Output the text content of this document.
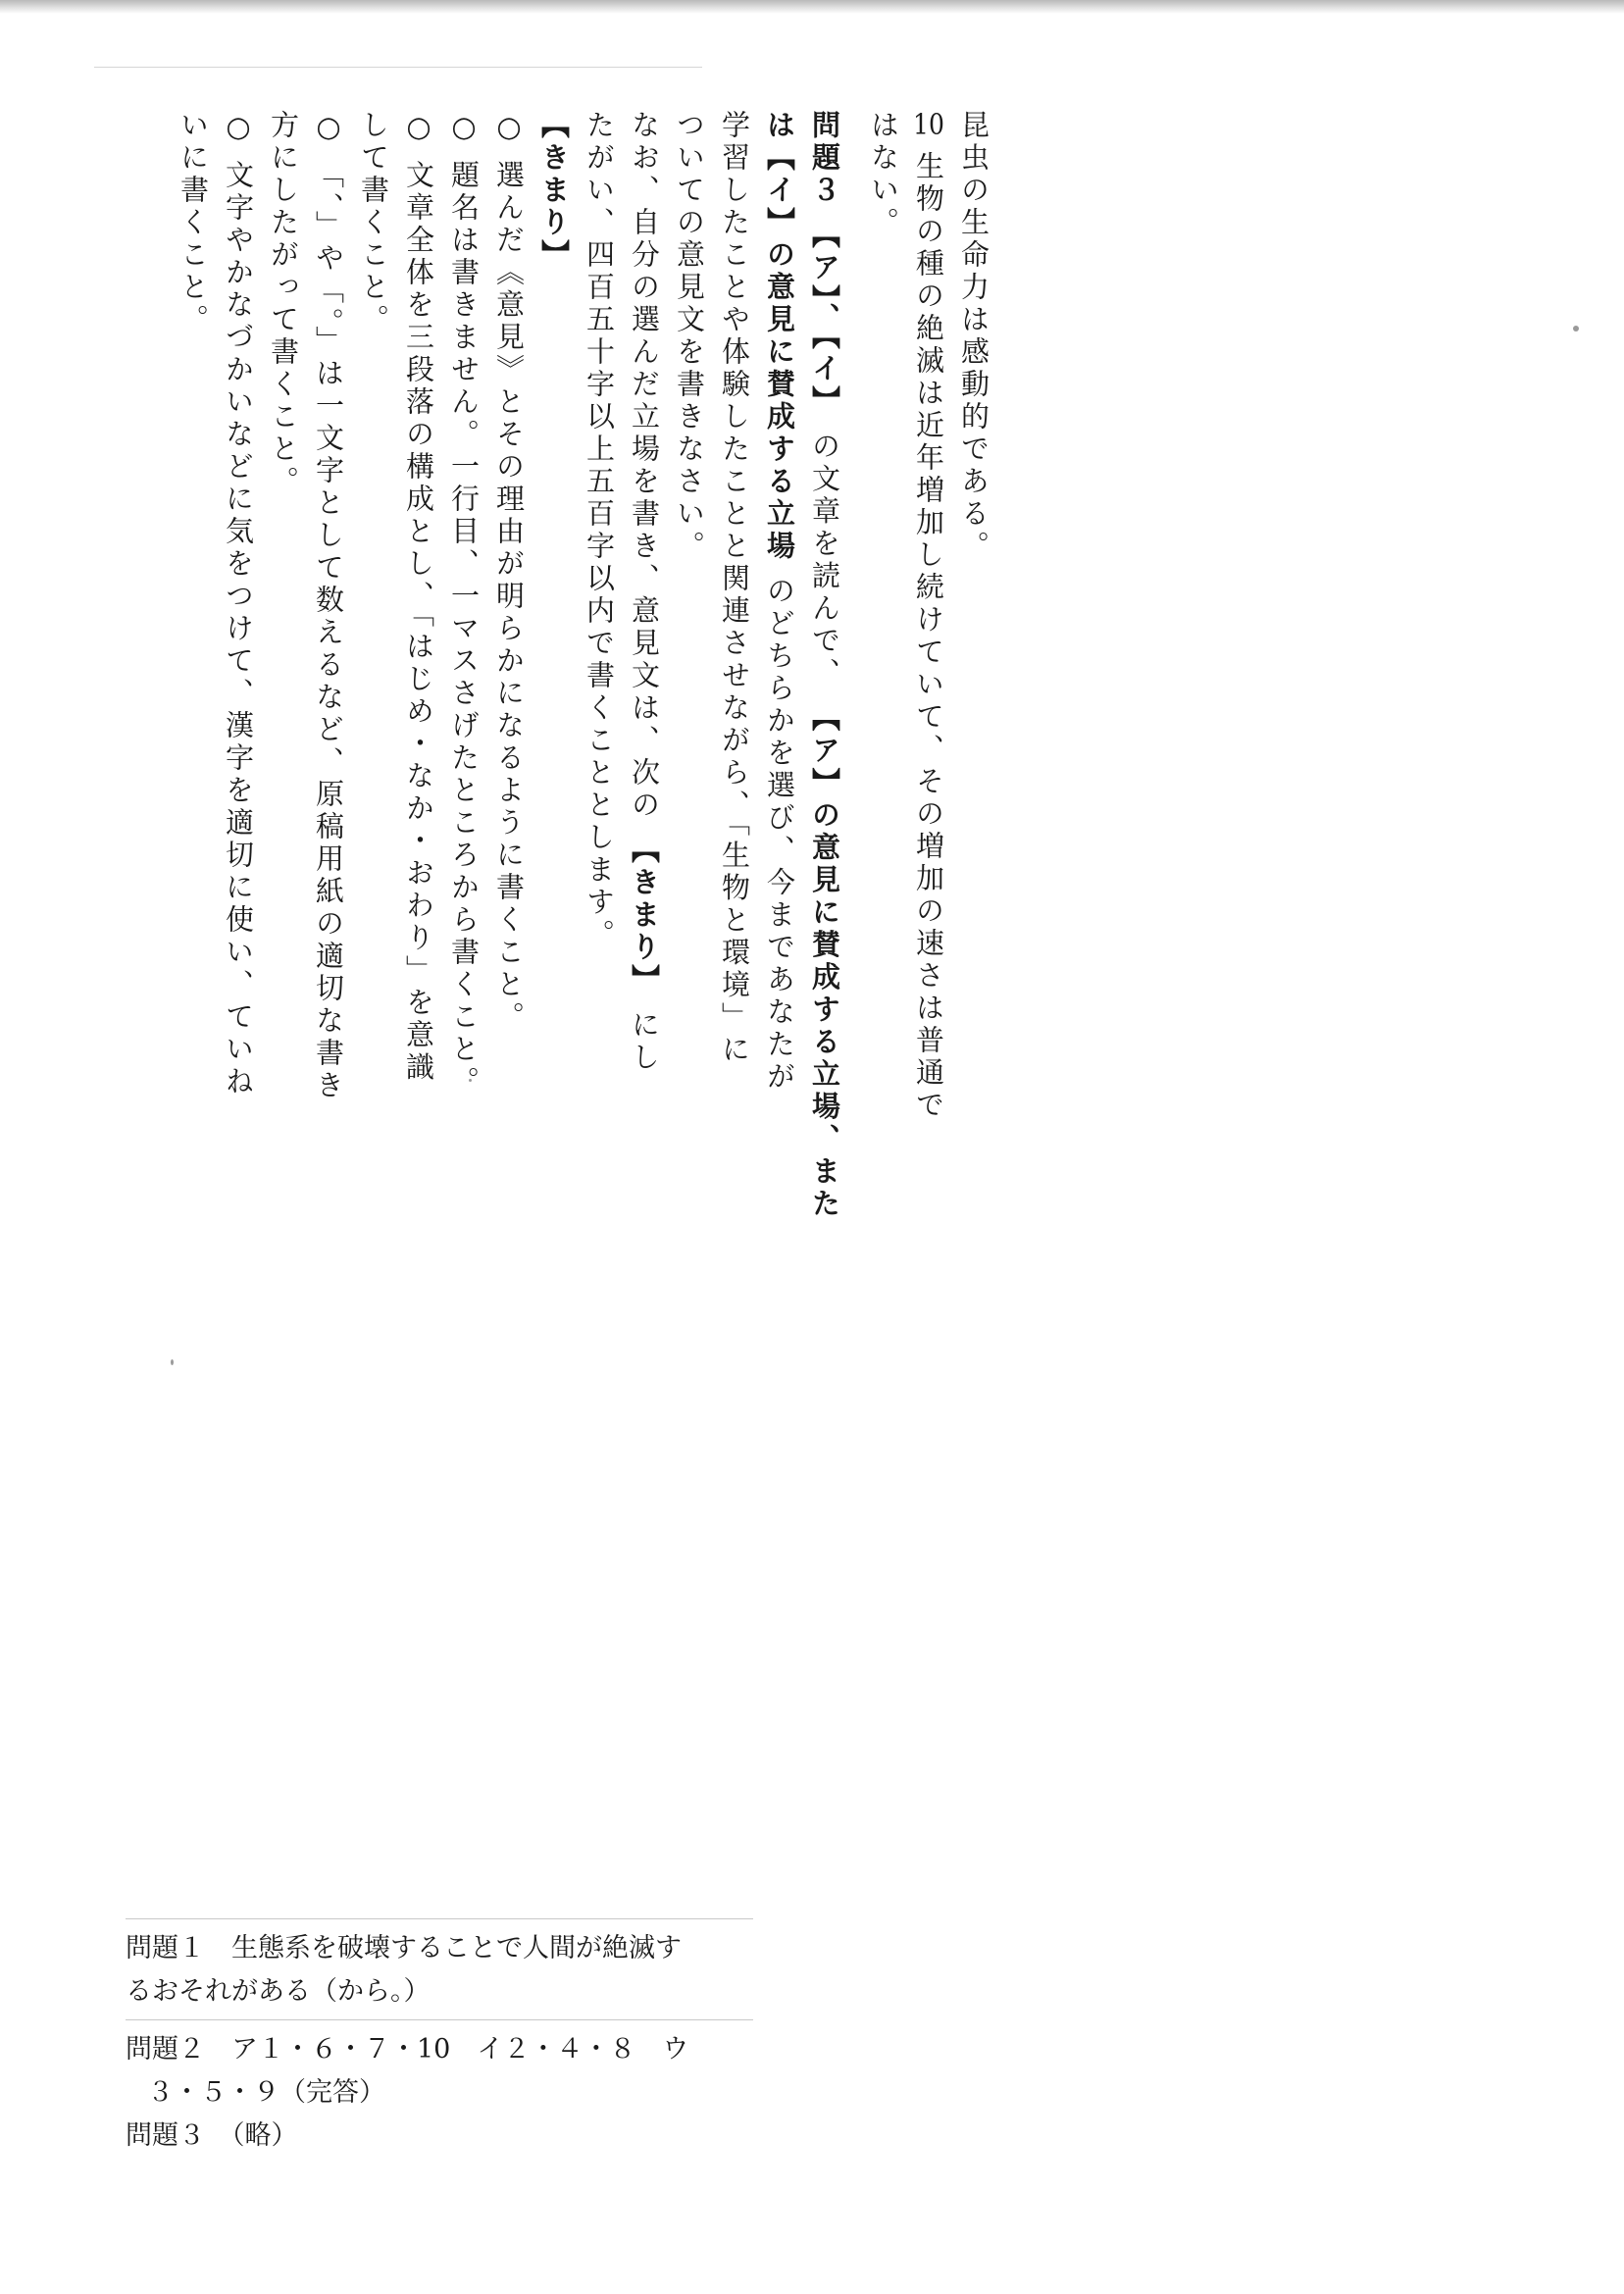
昆虫の生命力は感動的である。
10 生物の種の絶滅は近年増加し続けていて、その増加の速さは普通で
はない。
問題３ 【ア】、【イ】 の文章を読んで、 【ア】の意見に賛成する立場、また
は【イ】の意見に賛成する立場 のどちらかを選び、今まであなたが
学習したことや体験したことと関連させながら、「生物と環境」に
ついての意見文を書きなさい。
なお、自分の選んだ立場を書き、意見文は、次の 【きまり】 にし
たがい、四百五十字以上五百字以内で書くこととします。
【きまり】
○ 選んだ《意見》とその理由が明らかになるように書くこと。
○ 題名は書きません。一行目、一マスさげたところから書くこと。
○ 文章全体を三段落の構成とし、「はじめ・なか・おわり」を意識
して書くこと。
○ 「、」や「。」は一文字として数えるなど、原稿用紙の適切な書き
方にしたがって書くこと。
○ 文字やかなづかいなどに気をつけて、漢字を適切に使い、ていね
いに書くこと。
問題１　生態系を破壊することで人間が絶滅す
るおそれがある（から。）
問題２　ア１・６・７・10　イ２・４・８　ウ
３・５・９（完答）
問題３　（略）
